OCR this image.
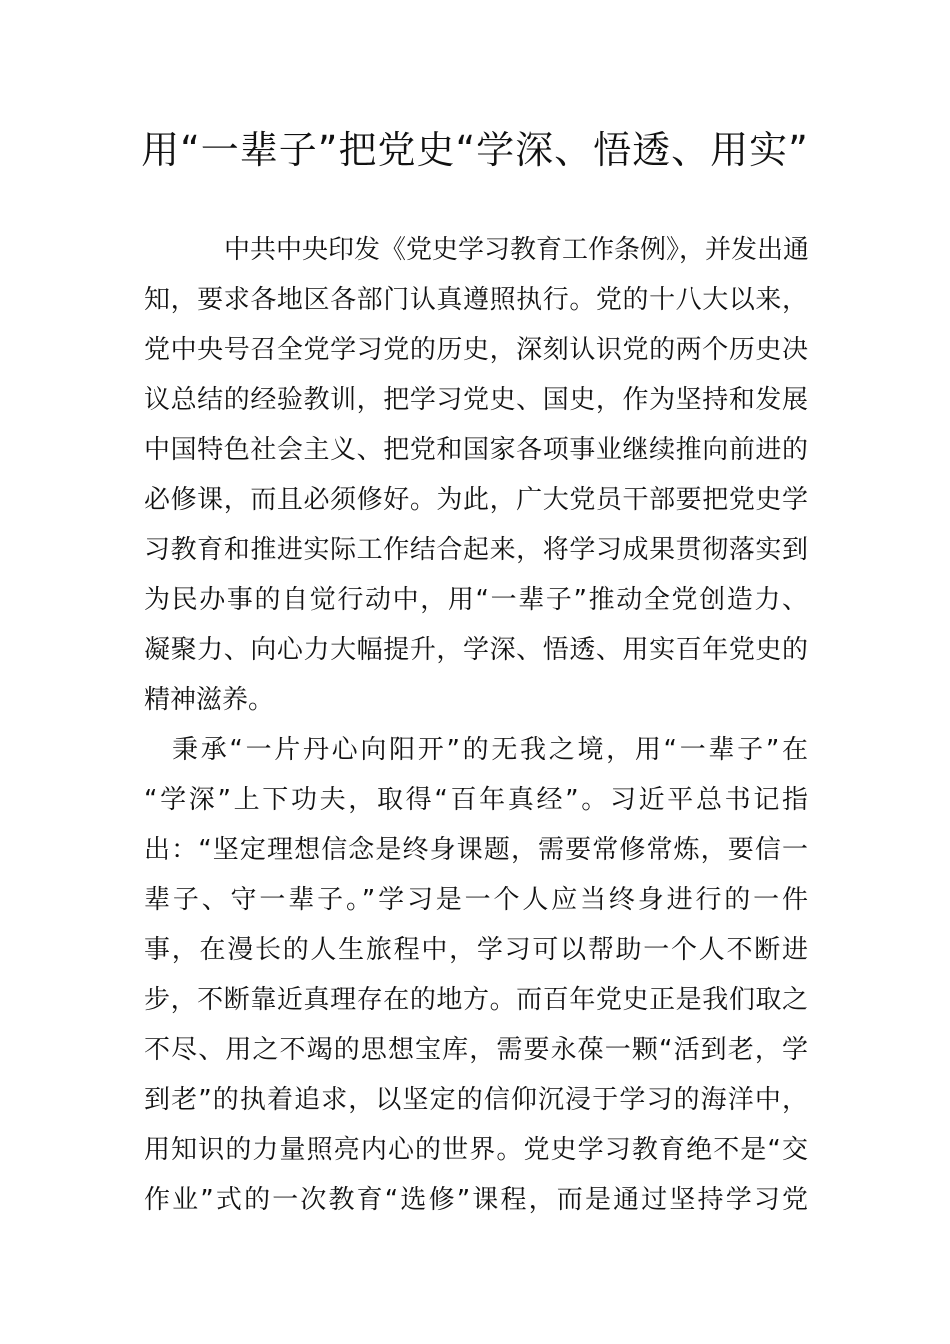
用“一辈子”把党史“学深、悟透、用实”

中共中央印发《党史学习教育工作条例》，并发出通

知，要求各地区各部门认真遵照执行。党的十八大以来，

党中央号召全党学习党的历史，深刻认识党的两个历史决

议总结的经验教训，把学习党史、国史，作为坚持和发展

中国特色社会主义、把党和国家各项事业继续推向前进的

必修课，而且必须修好。为此，广大党员干部要把党史学

习教育和推进实际工作结合起来，将学习成果贯彻落实到

为民办事的自觉行动中，用“一辈子”推动全党创造力、

凝聚力、向心力大幅提升，学深、悟透、用实百年党史的

精神滋养。

秉承“一片丹心向阳开”的无我之境，用“一辈子”在

“学深”上下功夫，取得“百年真经”。习近平总书记指

出：“坚定理想信念是终身课题，需要常修常炼，要信一

辈子、守一辈子。”学习是一个人应当终身进行的一件

事，在漫长的人生旅程中，学习可以帮助一个人不断进

步，不断靠近真理存在的地方。而百年党史正是我们取之

不尽、用之不竭的思想宝库，需要永葆一颗“活到老，学

到老”的执着追求，以坚定的信仰沉浸于学习的海洋中，

用知识的力量照亮内心的世界。党史学习教育绝不是“交

作业”式的一次教育“选修”课程，而是通过坚持学习党
